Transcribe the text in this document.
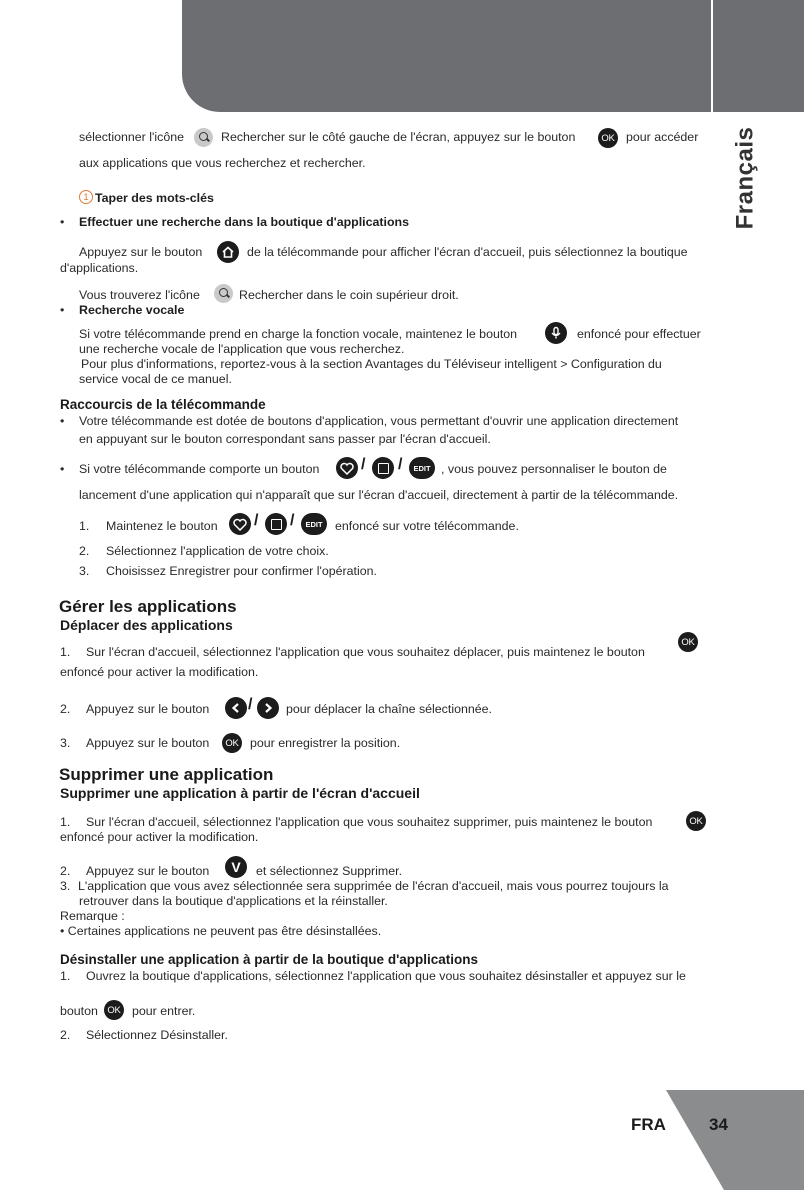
Français
sélectionner l'icône	Rechercher sur le côté gauche de l'écran, appuyez sur le bouton	OK pour accéder
aux applications que vous recherchez et rechercher.
1 Taper des mots-clés
• Effectuer une recherche dans la boutique d'applications
Appuyez sur le bouton	de la télécommande pour afficher l'écran d'accueil, puis sélectionnez la boutique
d'applications.
Vous trouverez l'icône	Rechercher dans le coin supérieur droit.
• Recherche vocale
Si votre télécommande prend en charge la fonction vocale, maintenez le bouton	enfoncé pour effectuer
une recherche vocale de l'application que vous recherchez.
Pour plus d'informations, reportez-vous à la section Avantages du Téléviseur intelligent > Configuration du
service vocal de ce manuel.
Raccourcis de la télécommande
• Votre télécommande est dotée de boutons d'application, vous permettant d'ouvrir une application directement
en appuyant sur le bouton correspondant sans passer par l'écran d'accueil.
• Si votre télécommande comporte un bouton	/ /	EDIT , vous pouvez personnaliser le bouton de
lancement d'une application qui n'apparaît que sur l'écran d'accueil, directement à partir de la télécommande.
1. Maintenez le bouton / /	EDIT	enfoncé sur votre télécommande.
2. Sélectionnez l'application de votre choix.
3. Choisissez Enregistrer pour confirmer l'opération.
Gérer les applications
Déplacer des applications
1. Sur l'écran d'accueil, sélectionnez l'application que vous souhaitez déplacer, puis maintenez le bouton
OK
enfoncé pour activer la modification.
2. Appuyez sur le bouton /	pour déplacer la chaîne sélectionnée.
3. Appuyez sur le bouton	OK pour enregistrer la position.
Supprimer une application
Supprimer une application à partir de l'écran d'accueil
1. Sur l'écran d'accueil, sélectionnez l'application que vous souhaitez supprimer, puis maintenez le bouton	OK
enfoncé pour activer la modification.
2. Appuyez sur le bouton	V	et sélectionnez Supprimer.
3. L'application que vous avez sélectionnée sera supprimée de l'écran d'accueil, mais vous pourrez toujours la
retrouver dans la boutique d'applications et la réinstaller.
Remarque :
• Certaines applications ne peuvent pas être désinstallées.
Désinstaller une application à partir de la boutique d'applications
1. Ouvrez la boutique d'applications, sélectionnez l'application que vous souhaitez désinstaller et appuyez sur le
bouton	OK pour entrer.
2. Sélectionnez Désinstaller.
FRA	34
